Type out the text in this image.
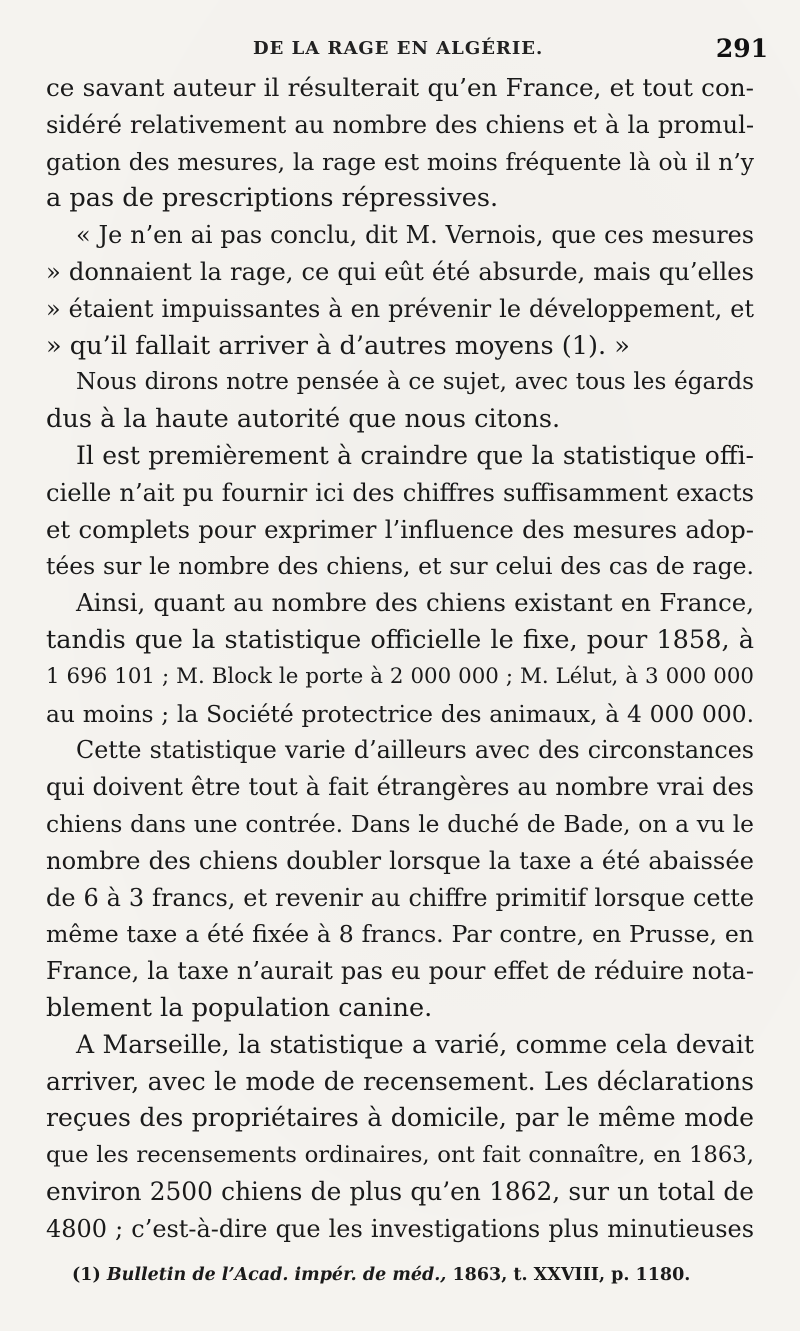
DE LA RAGE EN ALGÉRIE.	291
ce savant auteur il résulterait qu’en France, et tout con-
sidéré relativement au nombre des chiens et à la promul-
gation des mesures, la rage est moins fréquente là où il n’y
a pas de prescriptions répressives.
« Je n’en ai pas conclu, dit M. Vernois, que ces mesures
» donnaient la rage, ce qui eût été absurde, mais qu’elles
» étaient impuissantes à en prévenir le développement, et
» qu’il fallait arriver à d’autres moyens (1). »
Nous dirons notre pensée à ce sujet, avec tous les égards
dus à la haute autorité que nous citons.
Il est premièrement à craindre que la statistique offi-
cielle n’ait pu fournir ici des chiffres suffisamment exacts
et complets pour exprimer l’influence des mesures adop-
tées sur le nombre des chiens, et sur celui des cas de rage.
Ainsi, quant au nombre des chiens existant en France,
tandis que la statistique officielle le fixe, pour 1858, à
1 696 101 ; M. Block le porte à 2 000 000 ; M. Lélut, à 3 000 000
au moins ; la Société protectrice des animaux, à 4 000 000.
Cette statistique varie d’ailleurs avec des circonstances
qui doivent être tout à fait étrangères au nombre vrai des
chiens dans une contrée. Dans le duché de Bade, on a vu le
nombre des chiens doubler lorsque la taxe a été abaissée
de 6 à 3 francs, et revenir au chiffre primitif lorsque cette
même taxe a été fixée à 8 francs. Par contre, en Prusse, en
France, la taxe n’aurait pas eu pour effet de réduire nota-
blement la population canine.
A Marseille, la statistique a varié, comme cela devait
arriver, avec le mode de recensement. Les déclarations
reçues des propriétaires à domicile, par le même mode
que les recensements ordinaires, ont fait connaître, en 1863,
environ 2500 chiens de plus qu’en 1862, sur un total de
4800 ; c’est-à-dire que les investigations plus minutieuses
(1) Bulletin de l’Acad. impér. de méd., 1863, t. XXVIII, p. 1180.
